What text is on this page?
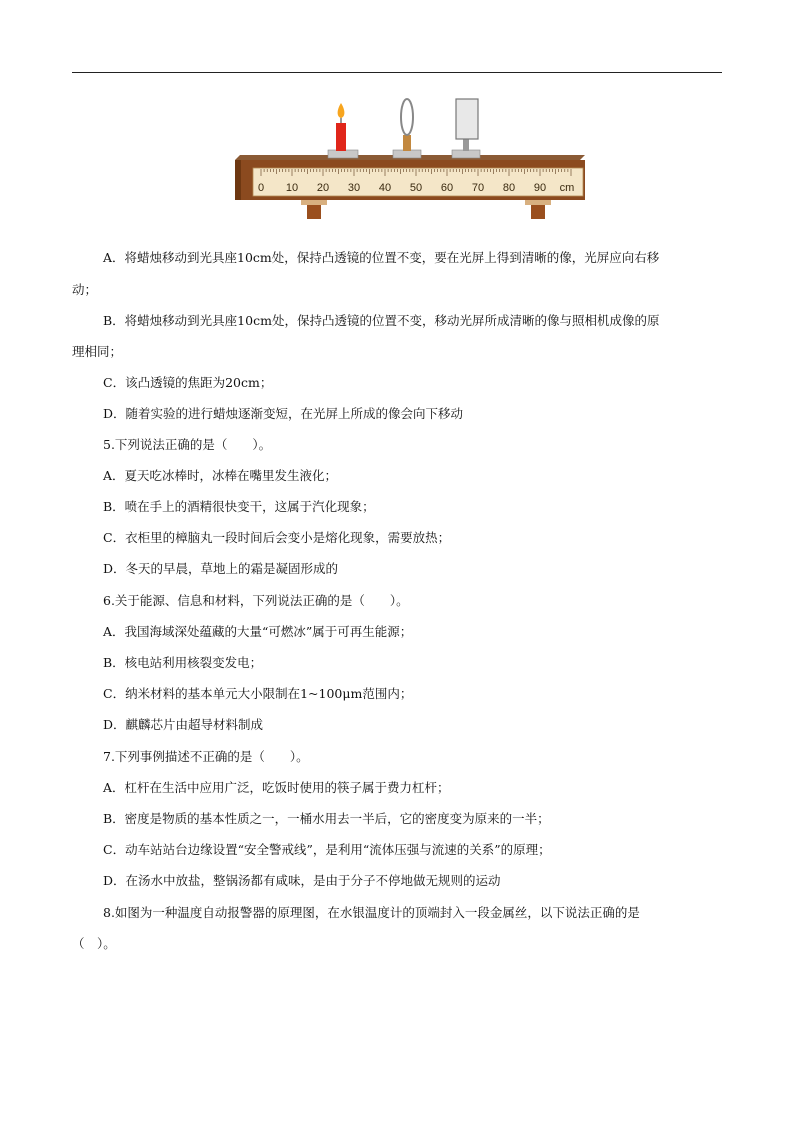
0 10 20 30 40 50 60 70 80 90 cm
A．将蜡烛移动到光具座10cm处，保持凸透镜的位置不变，要在光屏上得到清晰的像，光屏应向右移
动；
B．将蜡烛移动到光具座10cm处，保持凸透镜的位置不变，移动光屏所成清晰的像与照相机成像的原
理相同；
C．该凸透镜的焦距为20cm；
D．随着实验的进行蜡烛逐渐变短，在光屏上所成的像会向下移动
5.下列说法正确的是（　　）。
A．夏天吃冰棒时，冰棒在嘴里发生液化；
B．喷在手上的酒精很快变干，这属于汽化现象；
C．衣柜里的樟脑丸一段时间后会变小是熔化现象，需要放热；
D．冬天的早晨，草地上的霜是凝固形成的
6.关于能源、信息和材料，下列说法正确的是（　　）。
A．我国海域深处蕴藏的大量“可燃冰”属于可再生能源；
B．核电站利用核裂变发电；
C．纳米材料的基本单元大小限制在1~100μm范围内；
D．麒麟芯片由超导材料制成
7.下列事例描述不正确的是（　　）。
A．杠杆在生活中应用广泛，吃饭时使用的筷子属于费力杠杆；
B．密度是物质的基本性质之一，一桶水用去一半后，它的密度变为原来的一半；
C．动车站站台边缘设置“安全警戒线”，是利用“流体压强与流速的关系”的原理；
D．在汤水中放盐，整锅汤都有咸味，是由于分子不停地做无规则的运动
8.如图为一种温度自动报警器的原理图，在水银温度计的顶端封入一段金属丝，以下说法正确的是
（　）。
